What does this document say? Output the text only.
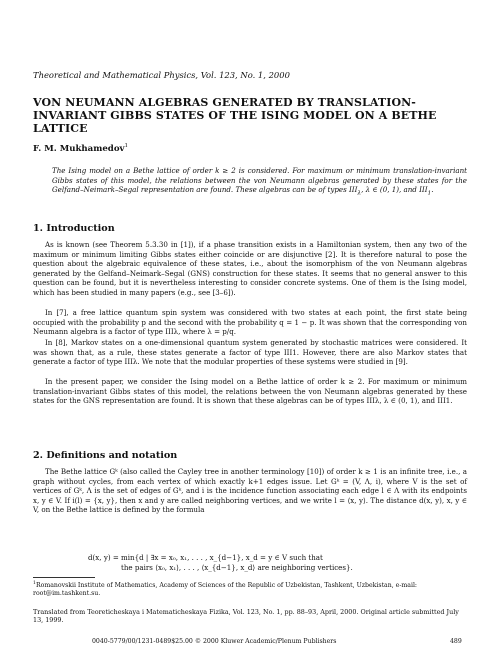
Theoretical and Mathematical Physics, Vol. 123, No. 1, 2000
VON NEUMANN ALGEBRAS GENERATED BY TRANSLATION-INVARIANT GIBBS STATES OF THE ISING MODEL ON A BETHE LATTICE
F. M. Mukhamedov$^1$

The Ising model on a Bethe lattice of order k ≥ 2 is considered. For maximum or minimum translation-invariant Gibbs states of this model, the relations between the von Neumann algebras generated by these states for the Gelfand–Neimark–Segal representation are found. These algebras can be of types $III_\lambda$, λ ∈ (0, 1), and $III_1$.

1. Introduction

As is known (see Theorem 5.3.30 in [1]), if a phase transition exists in a Hamiltonian system, then any two of the maximum or minimum limiting Gibbs states either coincide or are disjunctive [2]. It is therefore natural to pose the question about the algebraic equivalence of these states, i.e., about the isomorphism of the von Neumann algebras generated by the Gelfand–Neimark–Segal (GNS) construction for these states. It seems that no general answer to this question can be found, but it is nevertheless interesting to consider concrete systems. One of them is the Ising model, which has been studied in many papers (e.g., see [3–6]).

In [7], a free lattice quantum spin system was considered with two states at each point, the first state being occupied with the probability p and the second with the probability q = 1 − p. It was shown that the corresponding von Neumann algebra is a factor of type IIIλ, where λ = p/q.

In [8], Markov states on a one-dimensional quantum system generated by stochastic matrices were considered. It was shown that, as a rule, these states generate a factor of type III1. However, there are also Markov states that generate a factor of type IIIλ. We note that the modular properties of these systems were studied in [9].

In the present paper, we consider the Ising model on a Bethe lattice of order k ≥ 2. For maximum or minimum translation-invariant Gibbs states of this model, the relations between the von Neumann algebras generated by these states for the GNS representation are found. It is shown that these algebras can be of types IIIλ, λ ∈ (0, 1), and III1.

2. Definitions and notation

The Bethe lattice Gᵏ (also called the Cayley tree in another terminology [10]) of order k ≥ 1 is an infinite tree, i.e., a graph without cycles, from each vertex of which exactly k+1 edges issue. Let Gᵏ = (V, Λ, i), where V is the set of vertices of Gᵏ, Λ is the set of edges of Gᵏ, and i is the incidence function associating each edge l ∈ Λ with its endpoints x, y ∈ V. If i(l) = {x, y}, then x and y are called neighboring vertices, and we write l = ⟨x, y⟩. The distance d(x, y), x, y ∈ V, on the Bethe lattice is defined by the formula

d(x, y) = min{d | ∃x = x₀, x₁, . . . , x_{d−1}, x_d = y ∈ V such that

the pairs ⟨x₀, x₁⟩, . . . , ⟨x_{d−1}, x_d⟩ are neighboring vertices}.

$^1$Romanovskii Institute of Mathematics, Academy of Sciences of the Republic of Uzbekistan, Tashkent, Uzbekistan, e-mail: root@im.tashkent.su.

Translated from Teoreticheskaya i Matematicheskaya Fizika, Vol. 123, No. 1, pp. 88–93, April, 2000. Original article submitted July 13, 1999.

0040-5779/00/1231-0489$25.00 © 2000 Kluwer Academic/Plenum Publishers	489
